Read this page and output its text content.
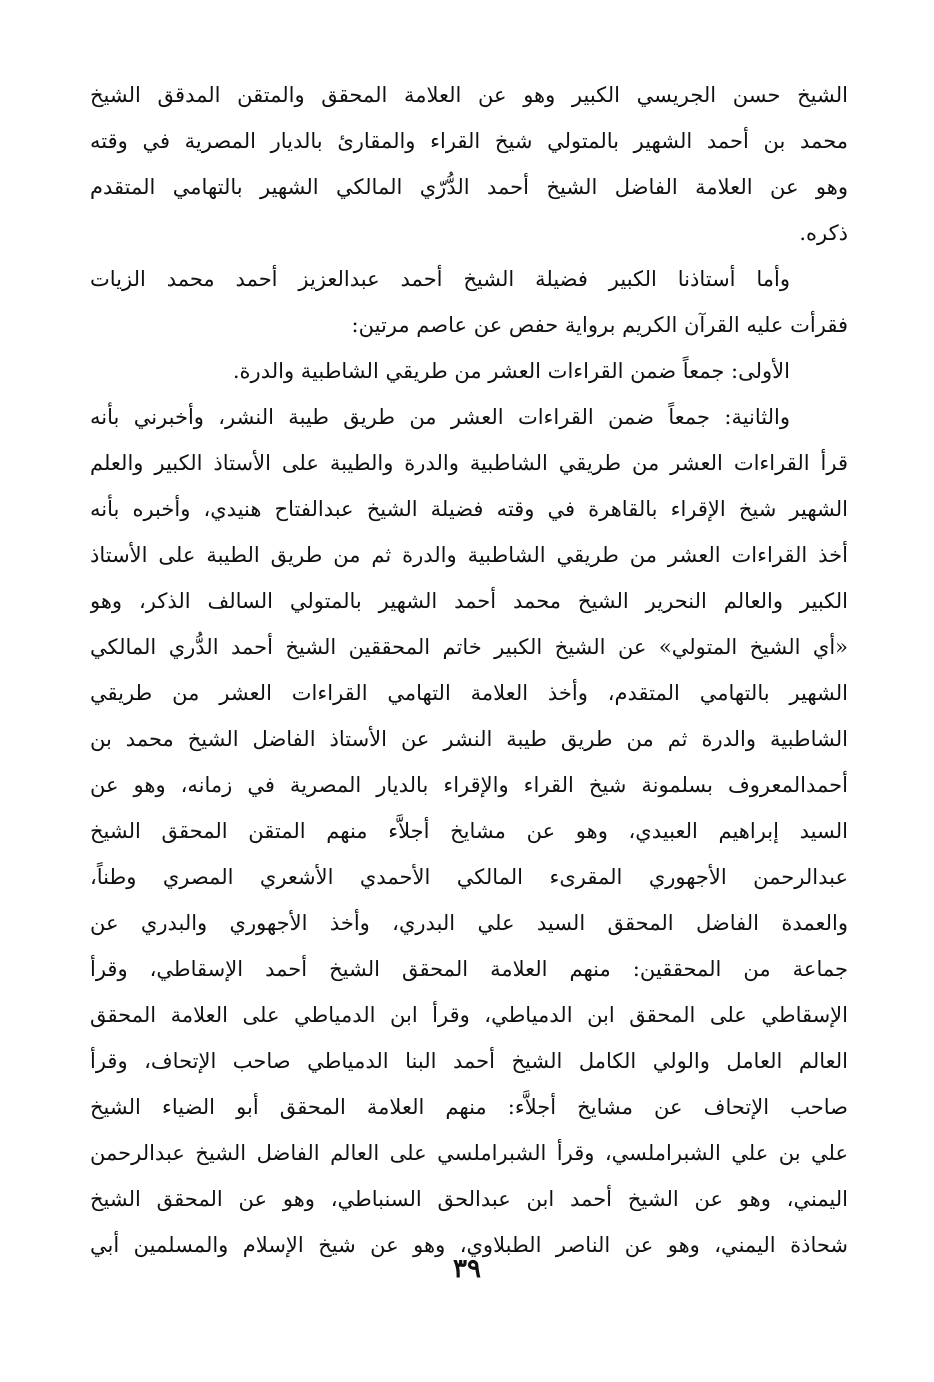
الشيخ حسن الجريسي الكبير وهو عن العلامة المحقق والمتقن المدقق الشيخ
محمد بن أحمد الشهير بالمتولي شيخ القراء والمقارئ بالديار المصرية في وقته
وهو عن العلامة الفاضل الشيخ أحمد الدُّرّي المالكي الشهير بالتهامي المتقدم
ذكره.
وأما أستاذنا الكبير فضيلة الشيخ أحمد عبدالعزيز أحمد محمد الزيات
فقرأت عليه القرآن الكريم برواية حفص عن عاصم مرتين:
الأولى: جمعاً ضمن القراءات العشر من طريقي الشاطبية والدرة.
والثانية: جمعاً ضمن القراءات العشر من طريق طيبة النشر، وأخبرني بأنه
قرأ القراءات العشر من طريقي الشاطبية والدرة والطيبة على الأستاذ الكبير والعلم
الشهير شيخ الإقراء بالقاهرة في وقته فضيلة الشيخ عبدالفتاح هنيدي، وأخبره بأنه
أخذ القراءات العشر من طريقي الشاطبية والدرة ثم من طريق الطيبة على الأستاذ
الكبير والعالم النحرير الشيخ محمد أحمد الشهير بالمتولي السالف الذكر، وهو
«أي الشيخ المتولي» عن الشيخ الكبير خاتم المحققين الشيخ أحمد الدُّري المالكي
الشهير بالتهامي المتقدم، وأخذ العلامة التهامي القراءات العشر من طريقي
الشاطبية والدرة ثم من طريق طيبة النشر عن الأستاذ الفاضل الشيخ محمد بن
أحمدالمعروف بسلمونة شيخ القراء والإقراء بالديار المصرية في زمانه، وهو عن
السيد إبراهيم العبيدي، وهو عن مشايخ أجلاَّء منهم المتقن المحقق الشيخ
عبدالرحمن الأجهوري المقرىء المالكي الأحمدي الأشعري المصري وطناً،
والعمدة الفاضل المحقق السيد علي البدري، وأخذ الأجهوري والبدري عن
جماعة من المحققين: منهم العلامة المحقق الشيخ أحمد الإسقاطي، وقرأ
الإسقاطي على المحقق ابن الدمياطي، وقرأ ابن الدمياطي على العلامة المحقق
العالم العامل والولي الكامل الشيخ أحمد البنا الدمياطي صاحب الإتحاف، وقرأ
صاحب الإتحاف عن مشايخ أجلاَّء: منهم العلامة المحقق أبو الضياء الشيخ
علي بن علي الشبراملسي، وقرأ الشبراملسي على العالم الفاضل الشيخ عبدالرحمن
اليمني، وهو عن الشيخ أحمد ابن عبدالحق السنباطي، وهو عن المحقق الشيخ
شحاذة اليمني، وهو عن الناصر الطبلاوي، وهو عن شيخ الإسلام والمسلمين أبي
٣٩
